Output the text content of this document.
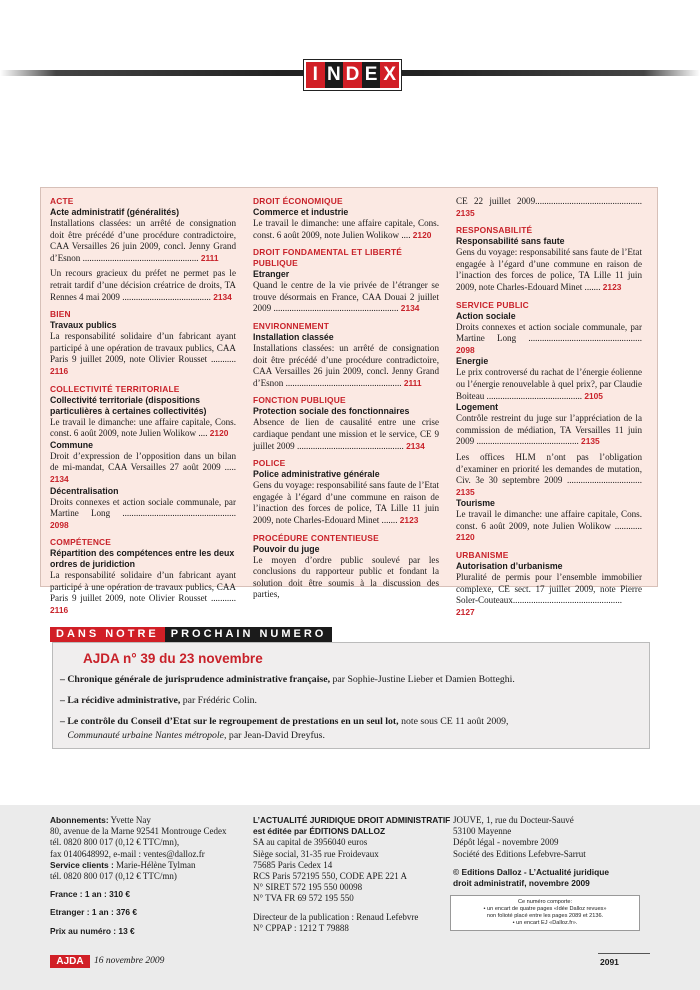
I N D E X
ACTE
Acte administratif (généralités)
Installations classées: un arrêté de consignation doit être précédé d’une procédure contradictoire, CAA Versailles 26 juin 2009, concl. Jenny Grand d’Esnon ................................................... 2111
Un recours gracieux du préfet ne permet pas le retrait tardif d’une décision créatrice de droits, TA Rennes 4 mai 2009 ....................................... 2134
BIEN
Travaux publics
La responsabilité solidaire d’un fabricant ayant participé à une opération de travaux publics, CAA Paris 9 juillet 2009, note Olivier Rousset ........... 2116
COLLECTIVITÉ TERRITORIALE
Collectivité territoriale (dispositions particulières à certaines collectivités)
Le travail le dimanche: une affaire capitale, Cons. const. 6 août 2009, note Julien Wolikow .... 2120
Commune
Droit d’expression de l’opposition dans un bilan de mi-mandat, CAA Versailles 27 août 2009 ..... 2134
Décentralisation
Droits connexes et action sociale communale, par Martine Long .................................................. 2098
COMPÉTENCE
Répartition des compétences entre les deux ordres de juridiction
La responsabilité solidaire d’un fabricant ayant participé à une opération de travaux publics, CAA Paris 9 juillet 2009, note Olivier Rousset ........... 2116
DROIT ÉCONOMIQUE
Commerce et industrie
Le travail le dimanche: une affaire capitale, Cons. const. 6 août 2009, note Julien Wolikow .... 2120
DROIT FONDAMENTAL ET LIBERTÉ PUBLIQUE
Etranger
Quand le centre de la vie privée de l’étranger se trouve désormais en France, CAA Douai 2 juillet 2009 ....................................................... 2134
ENVIRONNEMENT
Installation classée
Installations classées: un arrêté de consignation doit être précédé d’une procédure contradictoire, CAA Versailles 26 juin 2009, concl. Jenny Grand d’Esnon ................................................... 2111
FONCTION PUBLIQUE
Protection sociale des fonctionnaires
Absence de lien de causalité entre une crise cardiaque pendant une mission et le service, CE 9 juillet 2009 ............................................... 2134
POLICE
Police administrative générale
Gens du voyage: responsabilité sans faute de l’Etat engagée à l’égard d’une commune en raison de l’inaction des forces de police, TA Lille 11 juin 2009, note Charles-Edouard Minet ....... 2123
PROCÉDURE CONTENTIEUSE
Pouvoir du juge
Le moyen d’ordre public soulevé par les conclusions du rapporteur public et fondant la solution doit être soumis à la discussion des parties,
CE 22 juillet 2009............................................... 2135
RESPONSABILITÉ
Responsabilité sans faute
Gens du voyage: responsabilité sans faute de l’Etat engagée à l’égard d’une commune en raison de l’inaction des forces de police, TA Lille 11 juin 2009, note Charles-Edouard Minet ....... 2123
SERVICE PUBLIC
Action sociale
Droits connexes et action sociale communale, par Martine Long .................................................. 2098
Energie
Le prix controversé du rachat de l’énergie éolienne ou l’énergie renouvelable à quel prix?, par Claudie Boiteau .......................................... 2105
Logement
Contrôle restreint du juge sur l’appréciation de la commission de médiation, TA Versailles 11 juin 2009 ............................................. 2135
Les offices HLM n’ont pas l’obligation d’examiner en priorité les demandes de mutation, Civ. 3e 30 septembre 2009 ................................. 2135
Tourisme
Le travail le dimanche: une affaire capitale, Cons. const. 6 août 2009, note Julien Wolikow ............ 2120
URBANISME
Autorisation d’urbanisme
Pluralité de permis pour l’ensemble immobilier complexe, CE sect. 17 juillet 2009, note Pierre Soler-Couteaux................................................ 2127
DANS NOTRE	PROCHAIN NUMERO
AJDA n° 39 du 23 novembre
– Chronique générale de jurisprudence administrative française, par Sophie-Justine Lieber et Damien Botteghi.
– La récidive administrative, par Frédéric Colin.
– Le contrôle du Conseil d’Etat sur le regroupement de prestations en un seul lot, note sous CE 11 août 2009,
Communauté urbaine Nantes métropole, par Jean-David Dreyfus.
Abonnements: Yvette Nay
80, avenue de la Marne 92541 Montrouge Cedex
tél. 0820 800 017 (0,12 € TTC/mn),
fax 0140648992, e-mail : ventes@dalloz.fr
Service clients : Marie-Hélène Tylman
tél. 0820 800 017 (0,12 € TTC/mn)
France : 1 an : 310 €
Etranger : 1 an : 376 €
Prix au numéro : 13 €
L’ACTUALITÉ JURIDIQUE DROIT ADMINISTRATIF
est éditée par ÉDITIONS DALLOZ
SA au capital de 3956040 euros
Siège social, 31-35 rue Froidevaux
75685 Paris Cedex 14
RCS Paris 572195 550, CODE APE 221 A
N° SIRET 572 195 550 00098
N° TVA FR 69 572 195 550
Directeur de la publication : Renaud Lefebvre
N° CPPAP : 1212 T 79888
JOUVE, 1, rue du Docteur-Sauvé
53100 Mayenne
Dépôt légal - novembre 2009
Société des Editions Lefebvre-Sarrut
© Editions Dalloz - L’Actualité juridique
droit administratif, novembre 2009
Ce numéro comporte:
• un encart de quatre pages «Idée Dalloz revues»
non folioté placé entre les pages 2089 et 2136.
• un encart EJ «Dalloz.fr».
AJDA	16 novembre 2009	2091
